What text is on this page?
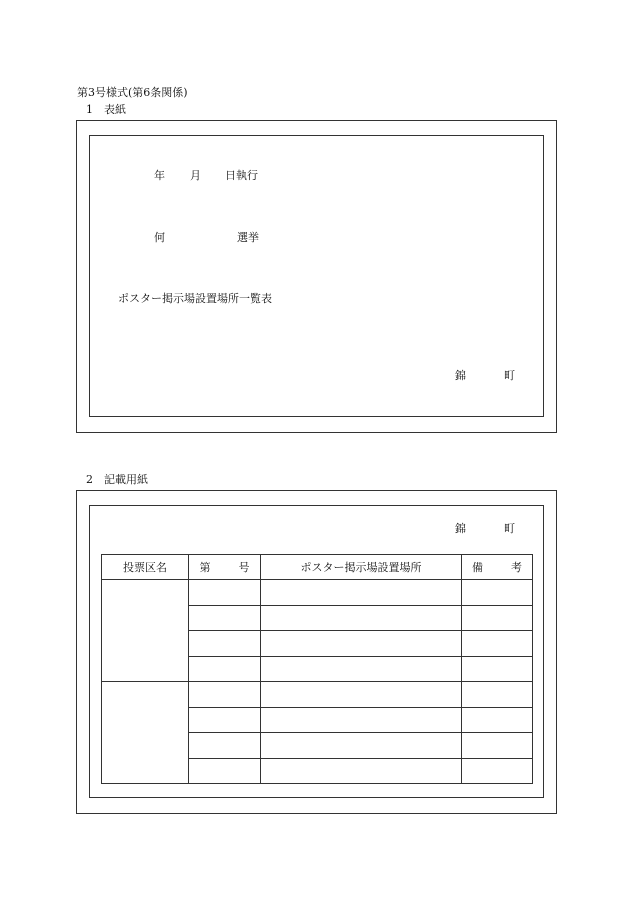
第3号様式(第6条関係)
1　表紙
年 月 日執行
何	選挙
ポスター掲示場設置場所一覧表
錦	町
2　記載用紙
錦	町
投票区名	第 号	ポスター掲示場設置場所	備 考
